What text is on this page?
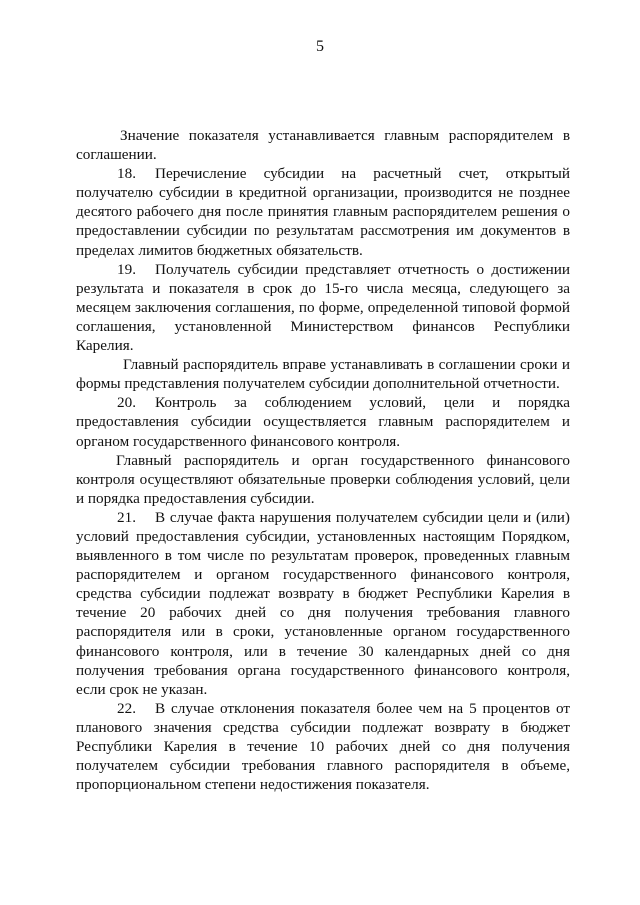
5

Значение показателя устанавливается главным распорядителем в соглашении.

18. Перечисление субсидии на расчетный счет, открытый получателю субсидии в кредитной организации, производится не позднее десятого рабочего дня после принятия главным распорядителем решения о предоставлении субсидии по результатам рассмотрения им документов в пределах лимитов бюджетных обязательств.

19. Получатель субсидии представляет отчетность о достижении результата и показателя в срок до 15-го числа месяца, следующего за месяцем заключения соглашения, по форме, определенной типовой формой соглашения, установленной Министерством финансов Республики Карелия.

Главный распорядитель вправе устанавливать в соглашении сроки и формы представления получателем субсидии дополнительной отчетности.

20. Контроль за соблюдением условий, цели и порядка предоставления субсидии осуществляется главным распорядителем и органом государственного финансового контроля.

Главный распорядитель и орган государственного финансового контроля осуществляют обязательные проверки соблюдения условий, цели и порядка предоставления субсидии.

21. В случае факта нарушения получателем субсидии цели и (или) условий предоставления субсидии, установленных настоящим Порядком, выявленного в том числе по результатам проверок, проведенных главным распорядителем и органом государственного финансового контроля, средства субсидии подлежат возврату в бюджет Республики Карелия в течение 20 рабочих дней со дня получения требования главного распорядителя или в сроки, установленные органом государственного финансового контроля, или в течение 30 календарных дней со дня получения требования органа государственного финансового контроля, если срок не указан.

22. В случае отклонения показателя более чем на 5 процентов от планового значения средства субсидии подлежат возврату в бюджет Республики Карелия в течение 10 рабочих дней со дня получения получателем субсидии требования главного распорядителя в объеме, пропорциональном степени недостижения показателя.
